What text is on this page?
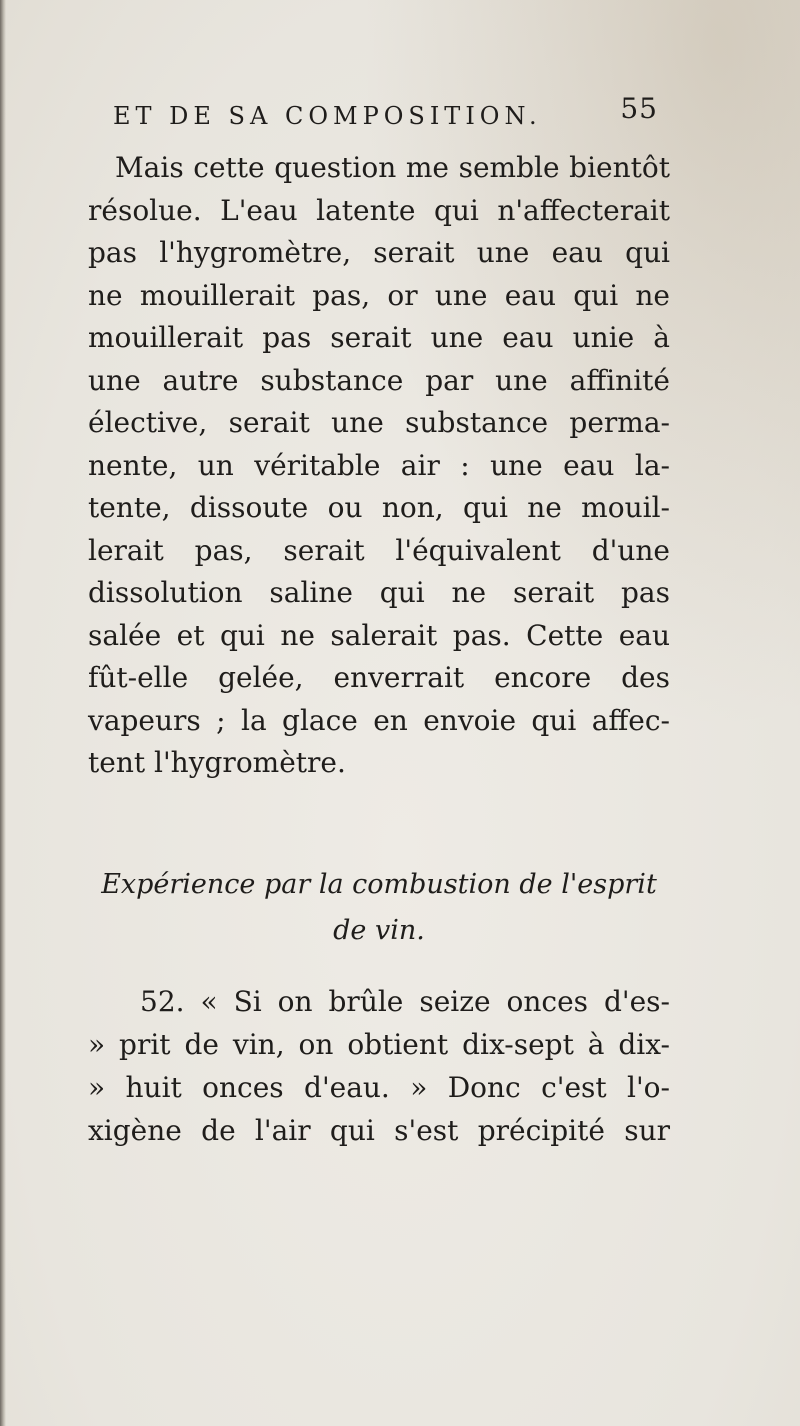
ET DE SA COMPOSITION.	55
Mais cette question me semble bientôt
résolue. L'eau latente qui n'affecterait
pas l'hygromètre, serait une eau qui
ne mouillerait pas, or une eau qui ne
mouillerait pas serait une eau unie à
une autre substance par une affinité
élective, serait une substance perma-
nente, un véritable air : une eau la-
tente, dissoute ou non, qui ne mouil-
lerait pas, serait l'équivalent d'une
dissolution saline qui ne serait pas
salée et qui ne salerait pas. Cette eau
fût-elle gelée, enverrait encore des
vapeurs ; la glace en envoie qui affec-
tent l'hygromètre.
Expérience par la combustion de l'esprit
de vin.
52. « Si on brûle seize onces d'es-
» prit de vin, on obtient dix-sept à dix-
» huit onces d'eau. » Donc c'est l'o-
xigène de l'air qui s'est précipité sur
